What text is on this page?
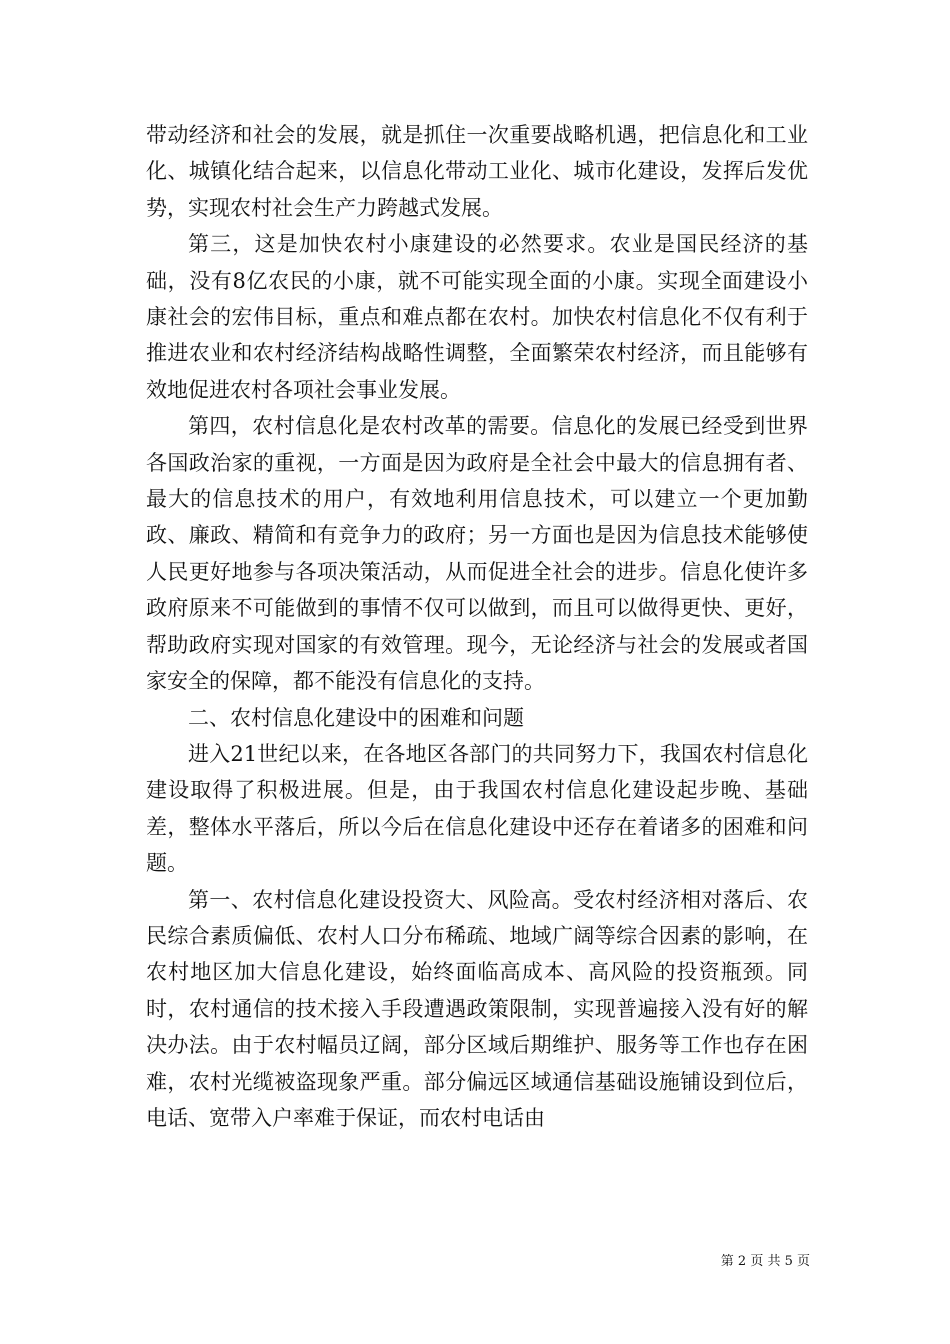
带动经济和社会的发展，就是抓住一次重要战略机遇，把信息化和工业化、城镇化结合起来，以信息化带动工业化、城市化建设，发挥后发优势，实现农村社会生产力跨越式发展。

第三，这是加快农村小康建设的必然要求。农业是国民经济的基础，没有8亿农民的小康，就不可能实现全面的小康。实现全面建设小康社会的宏伟目标，重点和难点都在农村。加快农村信息化不仅有利于推进农业和农村经济结构战略性调整，全面繁荣农村经济，而且能够有效地促进农村各项社会事业发展。

第四，农村信息化是农村改革的需要。信息化的发展已经受到世界各国政治家的重视，一方面是因为政府是全社会中最大的信息拥有者、最大的信息技术的用户，有效地利用信息技术，可以建立一个更加勤政、廉政、精简和有竞争力的政府；另一方面也是因为信息技术能够使人民更好地参与各项决策活动，从而促进全社会的进步。信息化使许多政府原来不可能做到的事情不仅可以做到，而且可以做得更快、更好，帮助政府实现对国家的有效管理。现今，无论经济与社会的发展或者国家安全的保障，都不能没有信息化的支持。

二、农村信息化建设中的困难和问题

进入21世纪以来，在各地区各部门的共同努力下，我国农村信息化建设取得了积极进展。但是，由于我国农村信息化建设起步晚、基础差，整体水平落后，所以今后在信息化建设中还存在着诸多的困难和问题。

第一、农村信息化建设投资大、风险高。受农村经济相对落后、农民综合素质偏低、农村人口分布稀疏、地域广阔等综合因素的影响，在农村地区加大信息化建设，始终面临高成本、高风险的投资瓶颈。同时，农村通信的技术接入手段遭遇政策限制，实现普遍接入没有好的解决办法。由于农村幅员辽阔，部分区域后期维护、服务等工作也存在困难，农村光缆被盗现象严重。部分偏远区域通信基础设施铺设到位后，电话、宽带入户率难于保证，而农村电话由

第 2 页 共 5 页
